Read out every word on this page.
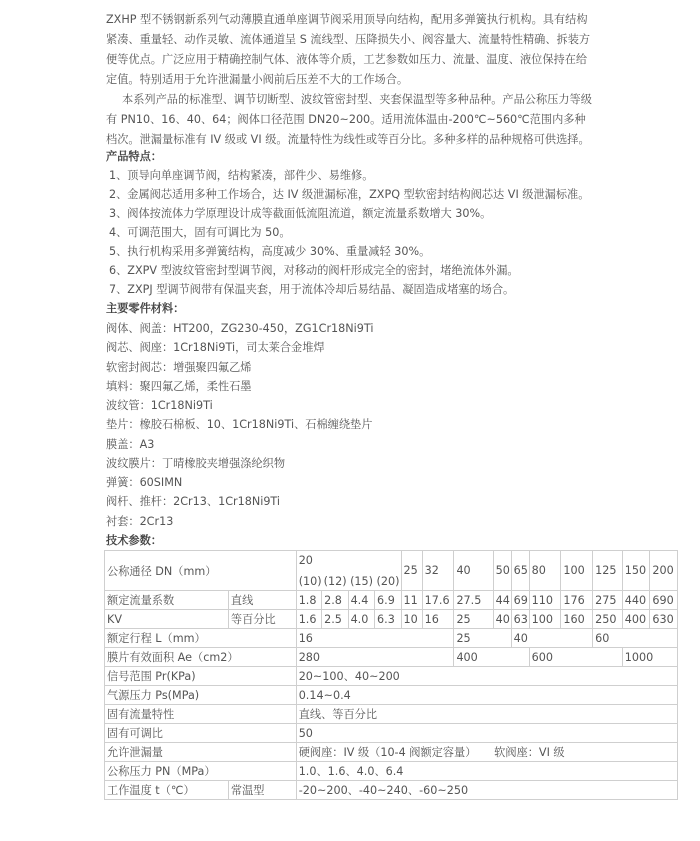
ZXHP 型不锈钢新系列气动薄膜直通单座调节阀采用顶导向结构，配用多弹簧执行机构。具有结构紧凑、重量轻、动作灵敏、流体通道呈 S 流线型、压降损失小、阀容量大、流量特性精确、拆装方便等优点。广泛应用于精确控制气体、液体等介质，工艺参数如压力、流量、温度、液位保持在给定值。特别适用于允许泄漏量小阀前后压差不大的工作场合。

本系列产品的标准型、调节切断型、波纹管密封型、夹套保温型等多种品种。产品公称压力等级有 PN10、16、40、64；阀体口径范围 DN20~200。适用流体温由-200℃~560℃范围内多种档次。泄漏量标准有 IV 级或 VI 级。流量特性为线性或等百分比。多种多样的品种规格可供选择。

产品特点：
1、顶导向单座调节阀，结构紧凑，部件少、易维修。
2、金属阀芯适用多种工作场合，达 IV 级泄漏标准，ZXPQ 型软密封结构阀芯达 VI 级泄漏标准。
3、阀体按流体力学原理设计成等截面低流阻流道，额定流量系数增大 30%。
4、可调范围大，固有可调比为 50。
5、执行机构采用多弹簧结构，高度减少 30%、重量减轻 30%。
6、ZXPV 型波纹管密封型调节阀，对移动的阀杆形成完全的密封，堵绝流体外漏。
7、ZXPJ 型调节阀带有保温夹套，用于流体冷却后易结晶、凝固造成堵塞的场合。
主要零件材料：
阀体、阀盖：HT200，ZG230-450，ZG1Cr18Ni9Ti
阀芯、阀座：1Cr18Ni9Ti，司太莱合金堆焊
软密封阀芯：增强聚四氟乙烯
填料：聚四氟乙烯，柔性石墨
波纹管：1Cr18Ni9Ti
垫片：橡胶石棉板、10、1Cr18Ni9Ti、石棉缠绕垫片
膜盖：A3
波纹膜片：丁晴橡胶夹增强涤纶织物
弹簧：60SIMN
阀杆、推杆：2Cr13、1Cr18Ni9Ti
衬套：2Cr13
技术参数：
公称通径 DN（mm）		20				25	32	40	50	65	80	100	125	150	200
		(10)	(12)	(15)	(20)										
额定流量系数	直线	1.8	2.8	4.4	6.9	11	17.6	27.5	44	69	110	176	275	440	690
KV	等百分比	1.6	2.5	4.0	6.3	10	16	25	40	63	100	160	250	400	630
额定行程 L（mm）		16						25		40			60		
膜片有效面积 Ae（cm2）		280						400			600			1000	
信号范围 Pr(KPa)		20~100、40~200													
气源压力 Ps(MPa)		0.14~0.4													
固有流量特性		直线、等百分比													
固有可调比		50													
允许泄漏量		硬阀座：IV 级（10-4 阀额定容量）     软阀座：VI 级													
公称压力 PN（MPa）		1.0、1.6、4.0、6.4													
工作温度 t（℃）	常温型	-20~200、-40~240、-60~250													
